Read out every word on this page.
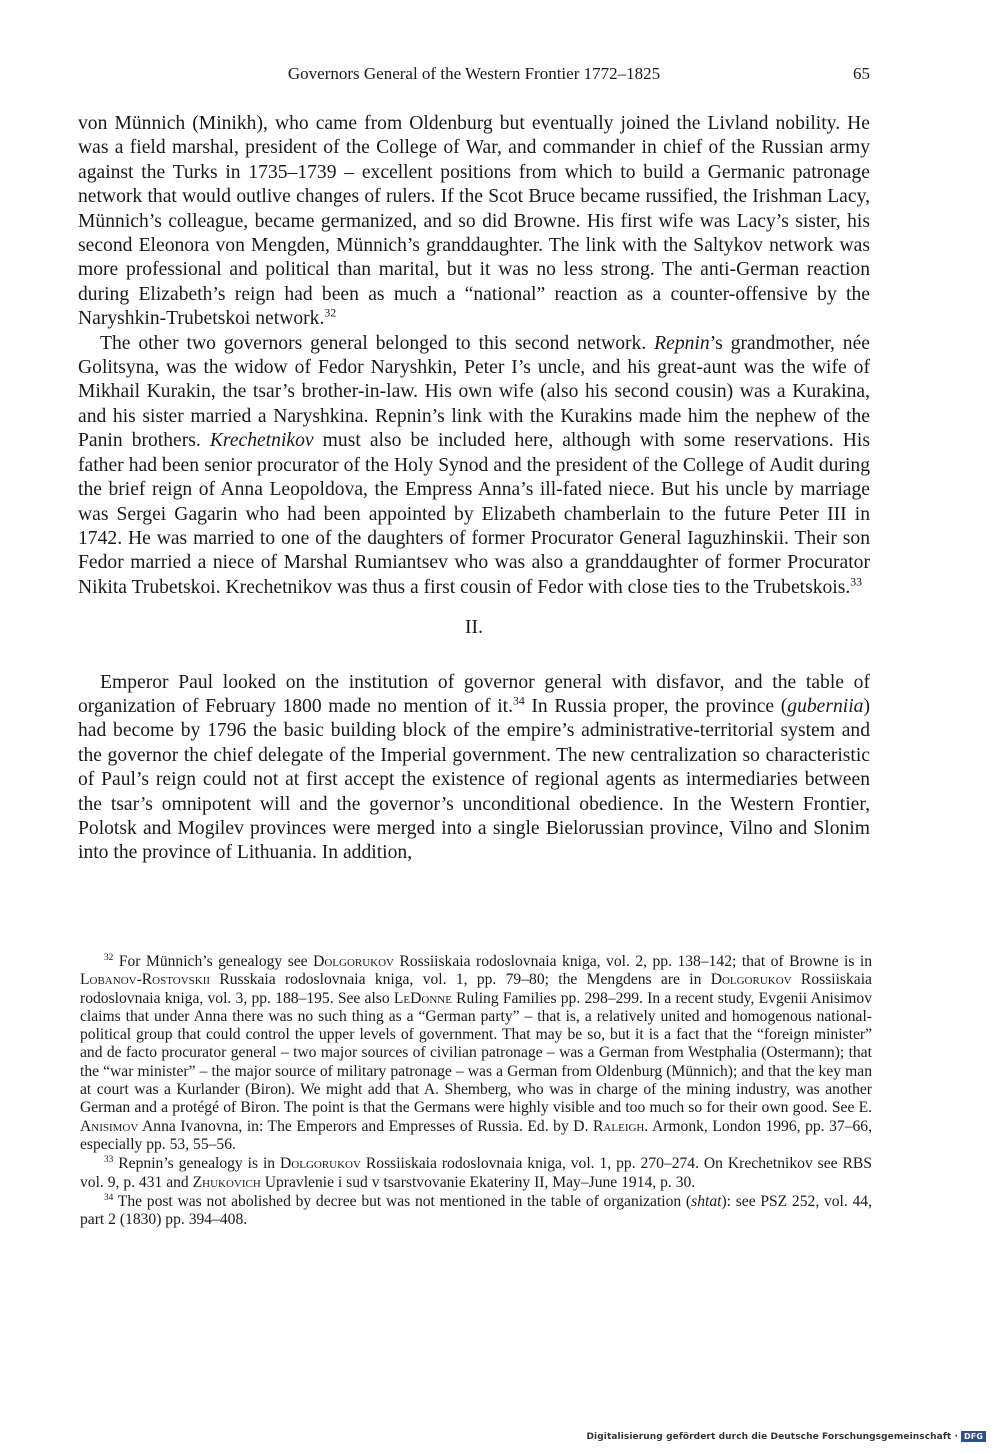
Governors General of the Western Frontier 1772–1825	65

von Münnich (Minikh), who came from Oldenburg but eventually joined the Livland nobility. He was a field marshal, president of the College of War, and commander in chief of the Russian army against the Turks in 1735–1739 – excellent positions from which to build a Germanic patronage network that would outlive changes of rulers. If the Scot Bruce became russified, the Irishman Lacy, Münnich’s colleague, became germanized, and so did Browne. His first wife was Lacy’s sister, his second Eleonora von Mengden, Münnich’s granddaughter. The link with the Saltykov network was more professional and political than marital, but it was no less strong. The anti-German reaction during Elizabeth’s reign had been as much a “national” reaction as a counter-offensive by the Naryshkin-Trubetskoi network.$^{32}$

The other two governors general belonged to this second network. Repnin’s grandmother, née Golitsyna, was the widow of Fedor Naryshkin, Peter I’s uncle, and his great-aunt was the wife of Mikhail Kurakin, the tsar’s brother-in-law. His own wife (also his second cousin) was a Kurakina, and his sister married a Naryshkina. Repnin’s link with the Kurakins made him the nephew of the Panin brothers. Krechetnikov must also be included here, although with some reservations. His father had been senior procurator of the Holy Synod and the president of the College of Audit during the brief reign of Anna Leopoldova, the Empress Anna’s ill-fated niece. But his uncle by marriage was Sergei Gagarin who had been appointed by Elizabeth chamberlain to the future Peter III in 1742. He was married to one of the daughters of former Procurator General Iaguzhinskii. Their son Fedor married a niece of Marshal Rumiantsev who was also a granddaughter of former Procurator Nikita Trubetskoi. Krechetnikov was thus a first cousin of Fedor with close ties to the Trubetskois.$^{33}$

II.

Emperor Paul looked on the institution of governor general with disfavor, and the table of organization of February 1800 made no mention of it.$^{34}$ In Russia proper, the province (guberniia) had become by 1796 the basic building block of the empire’s administrative-territorial system and the governor the chief delegate of the Imperial government. The new centralization so characteristic of Paul’s reign could not at first accept the existence of regional agents as intermediaries between the tsar’s omnipotent will and the governor’s unconditional obedience. In the Western Frontier, Polotsk and Mogilev provinces were merged into a single Bielorussian province, Vilno and Slonim into the province of Lithuania. In addition,

$^{32}$ For Münnich’s genealogy see Dolgorukov Rossiiskaia rodoslovnaia kniga, vol. 2, pp. 138–142; that of Browne is in Lobanov-Rostovskii Russkaia rodoslovnaia kniga, vol. 1, pp. 79–80; the Mengdens are in Dolgorukov Rossiiskaia rodoslovnaia kniga, vol. 3, pp. 188–195. See also LeDonne Ruling Families pp. 298–299. In a recent study, Evgenii Anisimov claims that under Anna there was no such thing as a “German party” – that is, a relatively united and homogenous national-political group that could control the upper levels of government. That may be so, but it is a fact that the “foreign minister” and de facto procurator general – two major sources of civilian patronage – was a German from Westphalia (Ostermann); that the “war minister” – the major source of military patronage – was a German from Oldenburg (Münnich); and that the key man at court was a Kurlander (Biron). We might add that A. Shemberg, who was in charge of the mining industry, was another German and a protégé of Biron. The point is that the Germans were highly visible and too much so for their own good. See E. Anisimov Anna Ivanovna, in: The Emperors and Empresses of Russia. Ed. by D. Raleigh. Armonk, London 1996, pp. 37–66, especially pp. 53, 55–56.

$^{33}$ Repnin’s genealogy is in Dolgorukov Rossiiskaia rodoslovnaia kniga, vol. 1, pp. 270–274. On Krechetnikov see RBS vol. 9, p. 431 and Zhukovich Upravlenie i sud v tsarstvovanie Ekateriny II, May–June 1914, p. 30.

$^{34}$ The post was not abolished by decree but was not mentioned in the table of organization (shtat): see PSZ 252, vol. 44, part 2 (1830) pp. 394–408.

Digitalisierung gefördert durch die Deutsche Forschungsgemeinschaft · DFG
